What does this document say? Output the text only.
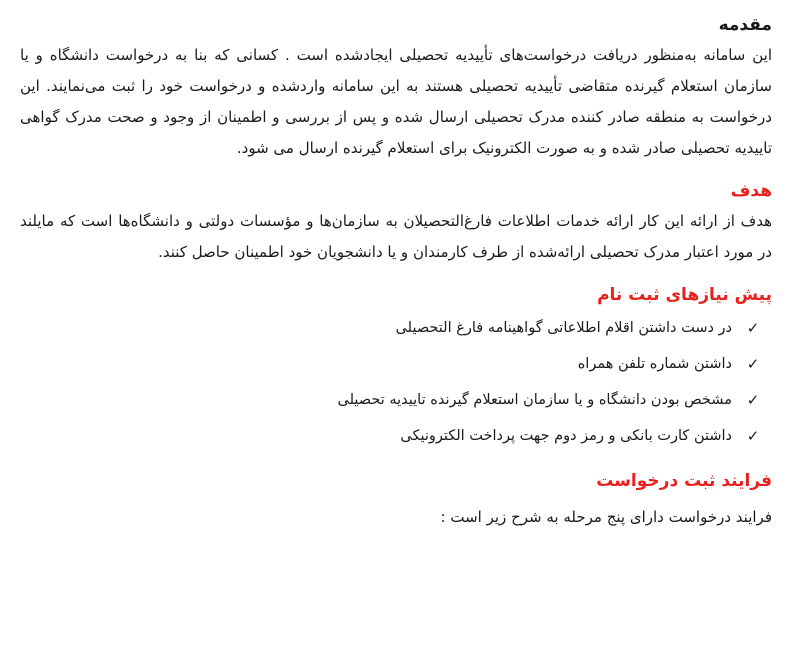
مقدمه

این سامانه به‌منظور دریافت درخواست‌های تأییدیه تحصیلی ایجادشده است . کسانی که بنا به درخواست دانشگاه و یا سازمان استعلام گیرنده متقاضی تأییدیه تحصیلی هستند به این سامانه واردشده و درخواست خود را ثبت می‌نمایند. این درخواست به منطقه صادر کننده مدرک تحصیلی ارسال شده و پس از بررسی و اطمینان از وجود و صحت مدرک گواهی تاییدیه تحصیلی صادر شده و به صورت الکترونیک برای استعلام گیرنده ارسال می شود.

هدف

هدف از ارائه این کار ارائه خدمات اطلاعات فارغ‌التحصیلان به سازمان‌ها و مؤسسات دولتی و دانشگاه‌ها است که مایلند در مورد اعتبار مدرک تحصیلی ارائه‌شده از طرف کارمندان و یا دانشجویان خود اطمینان حاصل کنند.

پیش نیازهای ثبت نام
✓
در دست داشتن اقلام اطلاعاتی گواهینامه فارغ التحصیلی
✓
داشتن شماره تلفن همراه
✓
مشخص بودن دانشگاه و یا سازمان استعلام گیرنده تاییدیه تحصیلی
✓
داشتن کارت بانکی و رمز دوم جهت پرداخت الکترونیکی
فرایند ثبت درخواست

فرایند درخواست دارای پنج مرحله به شرح زیر است :
